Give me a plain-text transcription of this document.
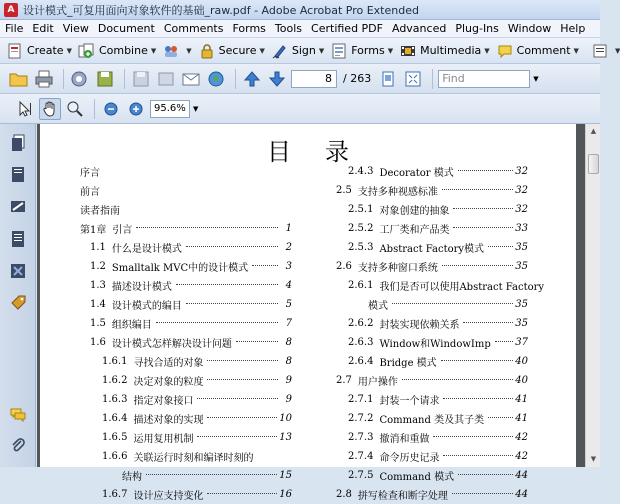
A 设计模式_可复用面向对象软件的基础_raw.pdf - Adobe Acrobat Pro Extended
File Edit View Document Comments Forms Tools Certified PDF Advanced Plug-Ins Window Help
Create ▼ Combine ▼	▼ Secure ▼ Sign ▼ Forms ▼ Multimedia ▼ Comment ▼	▼
8	/ 263	Find	▼
95.6%	▼
目录
序言
前言
读者指南
第1章 引言	1
1.1 什么是设计模式	2
1.2 Smalltalk MVC中的设计模式	3
1.3 描述设计模式	4
1.4 设计模式的编目	5
1.5 组织编目	7
1.6 设计模式怎样解决设计问题	8
1.6.1 寻找合适的对象	8
1.6.2 决定对象的粒度	9
1.6.3 指定对象接口	9
1.6.4 描述对象的实现	10
1.6.5 运用复用机制	13
1.6.6 关联运行时刻和编译时刻的
结构	15
1.6.7 设计应支持变化	16
2.4.3 Decorator 模式	32
2.5 支持多种视感标准	32
2.5.1 对象创建的抽象	32
2.5.2 工厂类和产品类	33
2.5.3 Abstract Factory模式	35
2.6 支持多种窗口系统	35
2.6.1 我们是否可以使用Abstract Factory
模式	35
2.6.2 封装实现依赖关系	35
2.6.3 Window和WindowImp 37
2.6.4 Bridge 模式	40
2.7 用户操作	40
2.7.1 封装一个请求	41
2.7.2 Command 类及其子类	41
2.7.3 撤消和重做	42
2.7.4 命令历史记录	42
2.7.5 Command 模式	44
2.8 拼写检查和断字处理	44
▲
▼
